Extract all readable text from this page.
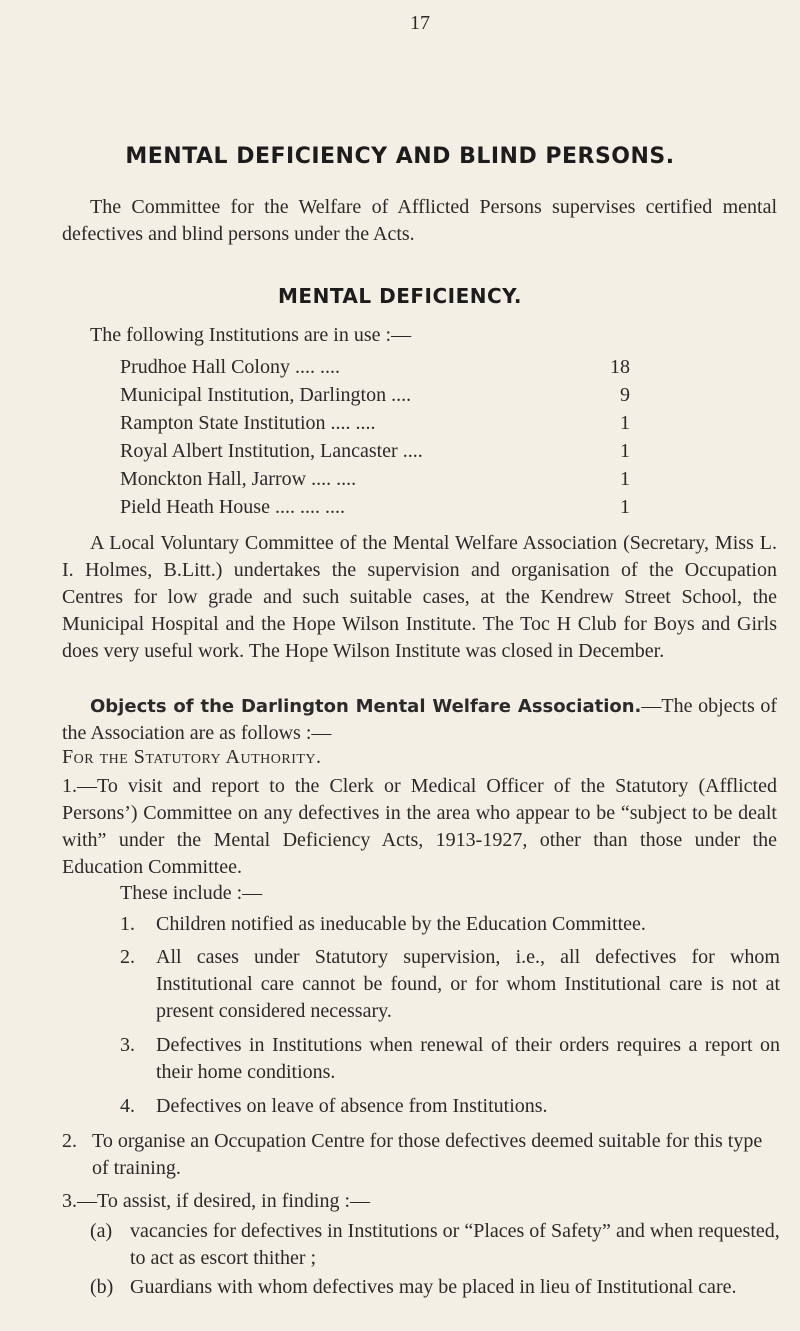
17
MENTAL DEFICIENCY AND BLIND PERSONS.
The Committee for the Welfare of Afflicted Persons supervises certified mental defectives and blind persons under the Acts.
MENTAL DEFICIENCY.
The following Institutions are in use :—
Prudhoe Hall Colony .... ....	18
Municipal Institution, Darlington ....	9
Rampton State Institution .... ....	1
Royal Albert Institution, Lancaster ....	1
Monckton Hall, Jarrow .... ....	1
Pield Heath House .... .... ....	1
A Local Voluntary Committee of the Mental Welfare Association (Secretary, Miss L. I. Holmes, B.Litt.) undertakes the supervision and organisation of the Occupation Centres for low grade and such suitable cases, at the Kendrew Street School, the Municipal Hospital and the Hope Wilson Institute. The Toc H Club for Boys and Girls does very useful work. The Hope Wilson Institute was closed in December.
Objects of the Darlington Mental Welfare Association.—The objects of the Association are as follows :—
For the Statutory Authority.
1.—To visit and report to the Clerk or Medical Officer of the Statutory (Afflicted Persons’) Committee on any defectives in the area who appear to be “subject to be dealt with” under the Mental Deficiency Acts, 1913-1927, other than those under the Education Committee.
These include :—
1. Children notified as ineducable by the Education Committee.
2. All cases under Statutory supervision, i.e., all defectives for whom Institutional care cannot be found, or for whom Institutional care is not at present considered necessary.
3. Defectives in Institutions when renewal of their orders requires a report on their home conditions.
4. Defectives on leave of absence from Institutions.
2. To organise an Occupation Centre for those defectives deemed suitable for this type of training.
3.—To assist, if desired, in finding :—
(a) vacancies for defectives in Institutions or “Places of Safety” and when requested, to act as escort thither ;
(b) Guardians with whom defectives may be placed in lieu of Institutional care.
